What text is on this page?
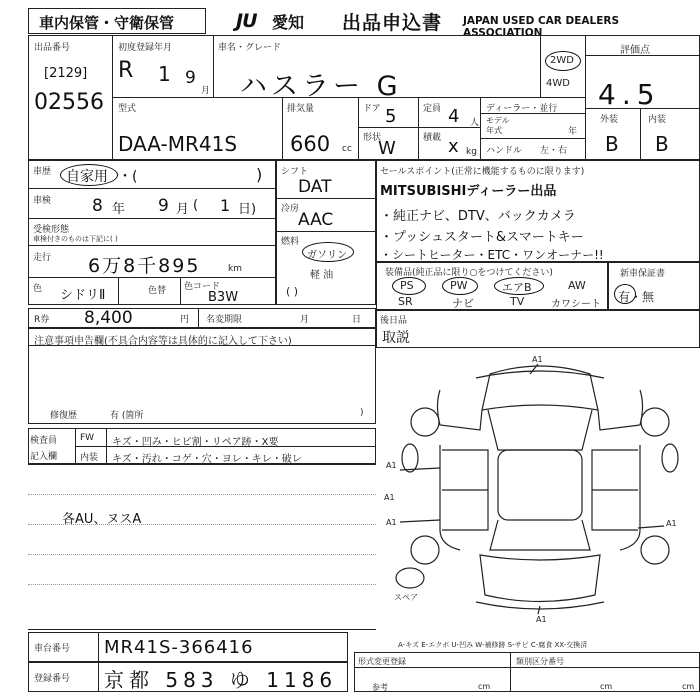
車内保管・守衛保管	JU 愛知 出品申込書 JAPAN USED CAR DEALERS ASSOCIATION
出品番号
[2129]
02556
初度登録年月
R 1 9
月
車名・グレード
ハスラー G
2WD
4WD
評価点
4.5
外装	内装
B B
型式
DAA-MR41S
排気量
660 cc
ドア 5	定員 4 人
形状
W	積載 x kg
ディーラー・並行
モデル
年式	年
ハンドル 左・右
車歴 自家用 ・(	)
車検 8 年 9 月 ( 1 日)
受検形態
車検付きのものは下記に( )
走行 6万8千895	km
色 シドリⅡ	色替 色コード
B3W
シフト
DAT
冷房
AAC
燃料
ガソリン
軽 油
( )
セールスポイント(正常に機能するものに限ります)
MITSUBISHIディーラー出品
・純正ナビ、DTV、バックカメラ
・プッシュスタート&スマートキー
・シートヒーター・ETC・ワンオーナー!!
装備品(純正品に限り○をつけてください)
PS	PW	エアB	AW
SR	ナビ	TV	カワシート
新車保証書
有・無
R券 8,400	円 名変期限	月	日
注意事項申告欄(不具合内容等は具体的に記入して下さい)
修復歴	有 (箇所	)
後日品
取説
検査員
記入欄
FW キズ・凹み・ヒビ割・リペア跡・X要
内装 キズ・汚れ・コゲ・穴・ヨレ・キレ・破レ
各AU、ヌスA
A1
A1
A1
A1
A1
A1
スペア
A-キズ E-エクボ U-凹み W-補修跡 S-サビ C-腐食 XX-交換済
車台番号 MR41S-366416
登録番号 京都 583 ゆ 1186
形式変更登録	類別区分番号
参考	cm	cm	cm
